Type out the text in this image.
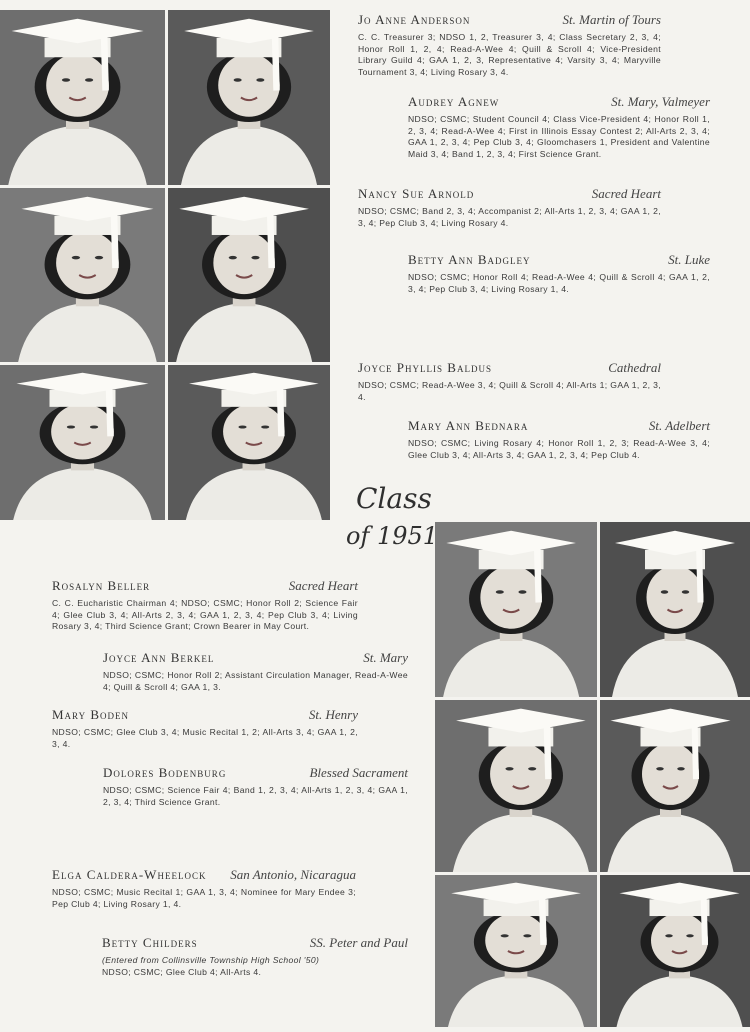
Class
of 1951
Jo Anne Anderson	St. Martin of Tours
C. C. Treasurer 3; NDSO 1, 2, Treasurer 3, 4; Class Secretary 2, 3, 4; Honor Roll 1, 2, 4; Read-A-Wee 4; Quill & Scroll 4; Vice-President Library Guild 4; GAA 1, 2, 3, Representative 4; Varsity 3, 4; Maryville Tournament 3, 4; Living Rosary 3, 4.
Audrey Agnew	St. Mary, Valmeyer
NDSO; CSMC; Student Council 4; Class Vice-President 4; Honor Roll 1, 2, 3, 4; Read-A-Wee 4; First in Illinois Essay Contest 2; All-Arts 2, 3, 4; GAA 1, 2, 3, 4; Pep Club 3, 4; Gloomchasers 1, President and Valentine Maid 3, 4; Band 1, 2, 3, 4; First Science Grant.
Nancy Sue Arnold	Sacred Heart
NDSO; CSMC; Band 2, 3, 4; Accompanist 2; All-Arts 1, 2, 3, 4; GAA 1, 2, 3, 4; Pep Club 3, 4; Living Rosary 4.
Betty Ann Badgley	St. Luke
NDSO; CSMC; Honor Roll 4; Read-A-Wee 4; Quill & Scroll 4; GAA 1, 2, 3, 4; Pep Club 3, 4; Living Rosary 1, 4.
Joyce Phyllis Baldus	Cathedral
NDSO; CSMC; Read-A-Wee 3, 4; Quill & Scroll 4; All-Arts 1; GAA 1, 2, 3, 4.
Mary Ann Bednara	St. Adelbert
NDSO; CSMC; Living Rosary 4; Honor Roll 1, 2, 3; Read-A-Wee 3, 4; Glee Club 3, 4; All-Arts 3, 4; GAA 1, 2, 3, 4; Pep Club 4.
Rosalyn Beller	Sacred Heart
C. C. Eucharistic Chairman 4; NDSO; CSMC; Honor Roll 2; Science Fair 4; Glee Club 3, 4; All-Arts 2, 3, 4; GAA 1, 2, 3, 4; Pep Club 3, 4; Living Rosary 3, 4; Third Science Grant; Crown Bearer in May Court.
Joyce Ann Berkel	St. Mary
NDSO; CSMC; Honor Roll 2; Assistant Circulation Manager, Read-A-Wee 4; Quill & Scroll 4; GAA 1, 3.
Mary Boden	St. Henry
NDSO; CSMC; Glee Club 3, 4; Music Recital 1, 2; All-Arts 3, 4; GAA 1, 2, 3, 4.
Dolores Bodenburg	Blessed Sacrament
NDSO; CSMC; Science Fair 4; Band 1, 2, 3, 4; All-Arts 1, 2, 3, 4; GAA 1, 2, 3, 4; Third Science Grant.
Elga Caldera-Wheelock San Antonio, Nicaragua
NDSO; CSMC; Music Recital 1; GAA 1, 3, 4; Nominee for Mary Endee 3; Pep Club 4; Living Rosary 1, 4.
Betty Childers	SS. Peter and Paul
(Entered from Collinsville Township High School '50)
NDSO; CSMC; Glee Club 4; All-Arts 4.
